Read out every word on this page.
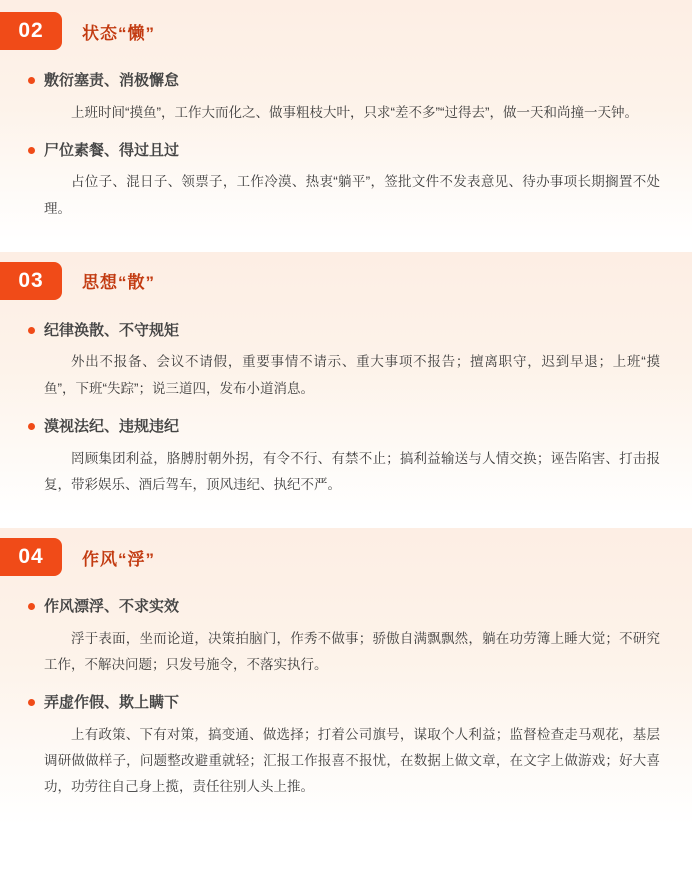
02	状态“懒”
敷衍塞责、消极懈怠
上班时间“摸鱼”，工作大而化之、做事粗枝大叶，只求“差不多”“过得去”，做一天和尚撞一天钟。
尸位素餐、得过且过
占位子、混日子、领票子，工作冷漠、热衷“躺平”，签批文件不发表意见、待办事项长期搁置不处理。
03	思想“散”
纪律涣散、不守规矩
外出不报备、会议不请假，重要事情不请示、重大事项不报告；擅离职守，迟到早退；上班“摸鱼”，下班“失踪”；说三道四，发布小道消息。
漠视法纪、违规违纪
罔顾集团利益，胳膊肘朝外拐，有令不行、有禁不止；搞利益输送与人情交换；诬告陷害、打击报复，带彩娱乐、酒后驾车，顶风违纪、执纪不严。
04	作风“浮”
作风漂浮、不求实效
浮于表面，坐而论道，决策拍脑门，作秀不做事；骄傲自满飘飘然，躺在功劳簿上睡大觉；不研究工作，不解决问题；只发号施令，不落实执行。
弄虚作假、欺上瞒下
上有政策、下有对策，搞变通、做选择；打着公司旗号，谋取个人利益；监督检查走马观花，基层调研做做样子，问题整改避重就轻；汇报工作报喜不报忧，在数据上做文章，在文字上做游戏；好大喜功，功劳往自己身上揽，责任往别人头上推。
